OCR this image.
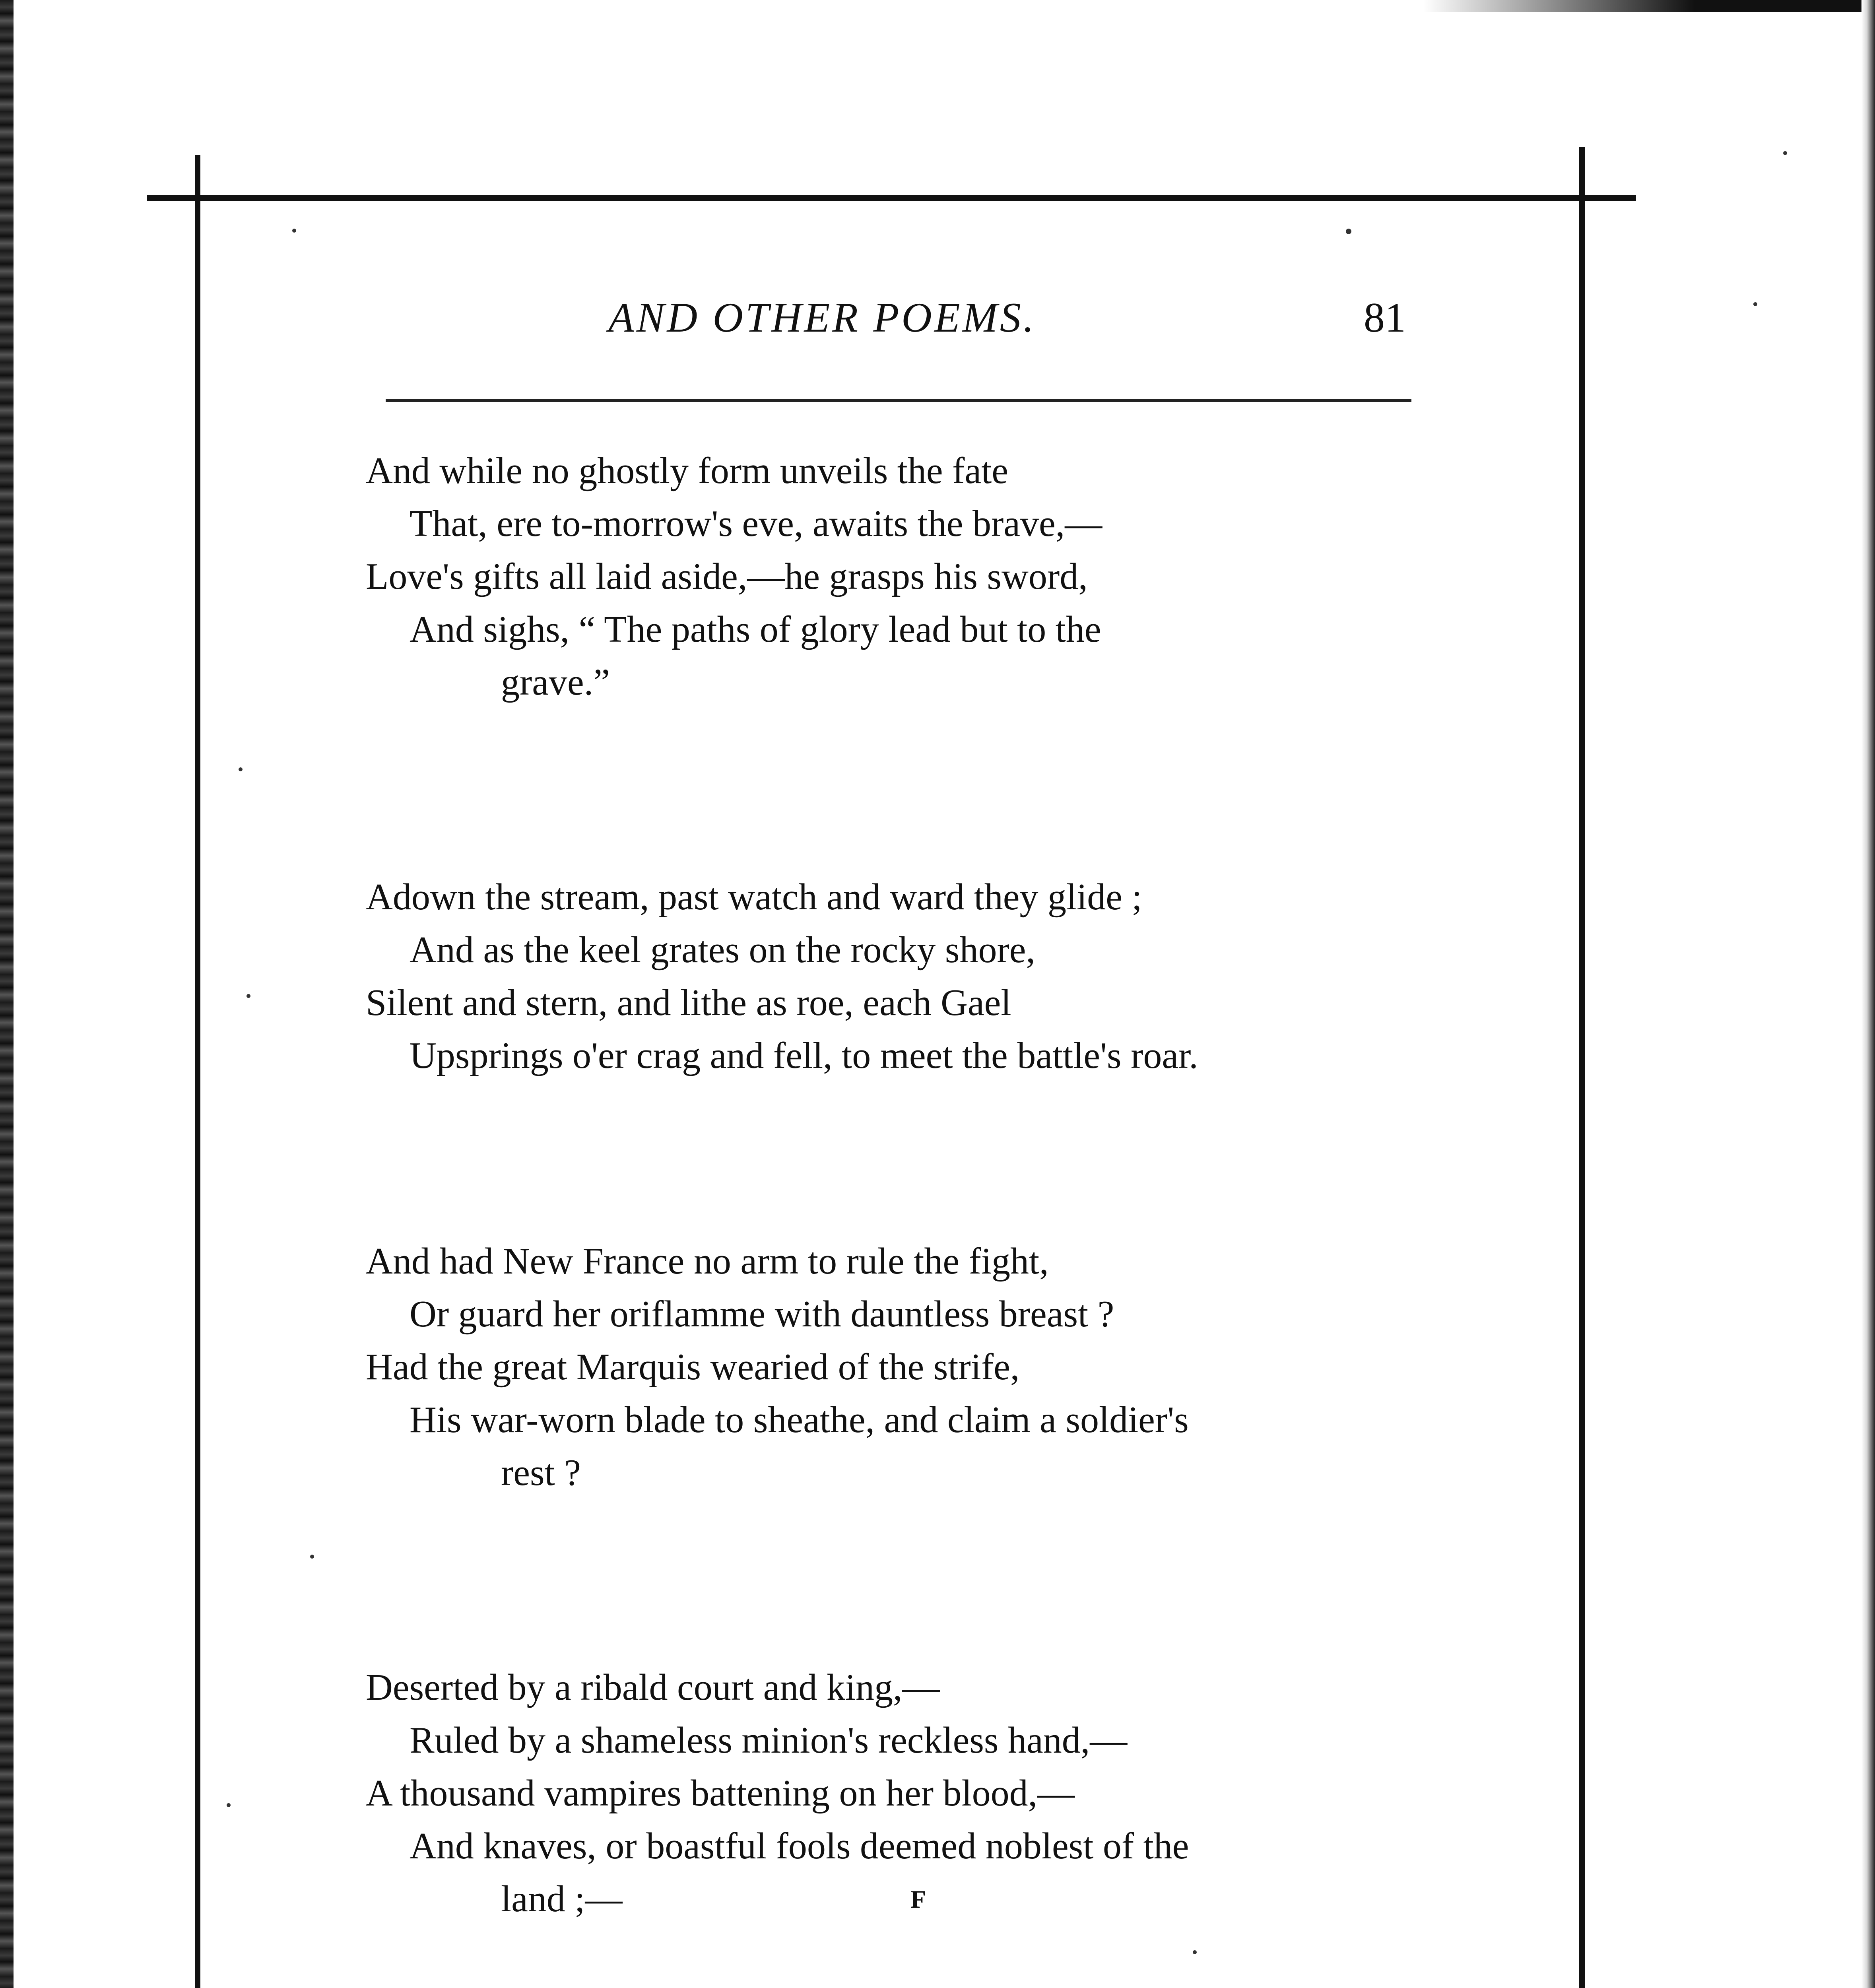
AND OTHER POEMS.	81
And while no ghostly form unveils the fate
That, ere to-morrow's eve, awaits the brave,—
Love's gifts all laid aside,—he grasps his sword,
And sighs, “ The paths of glory lead but to the
grave.”
Adown the stream, past watch and ward they glide ;
And as the keel grates on the rocky shore,
Silent and stern, and lithe as roe, each Gael
Upsprings o'er crag and fell, to meet the battle's roar.
And had New France no arm to rule the fight,
Or guard her oriflamme with dauntless breast ?
Had the great Marquis wearied of the strife,
His war-worn blade to sheathe, and claim a soldier's
rest ?
Deserted by a ribald court and king,—
Ruled by a shameless minion's reckless hand,—
A thousand vampires battening on her blood,—
And knaves, or boastful fools deemed noblest of the
land ;—	F
